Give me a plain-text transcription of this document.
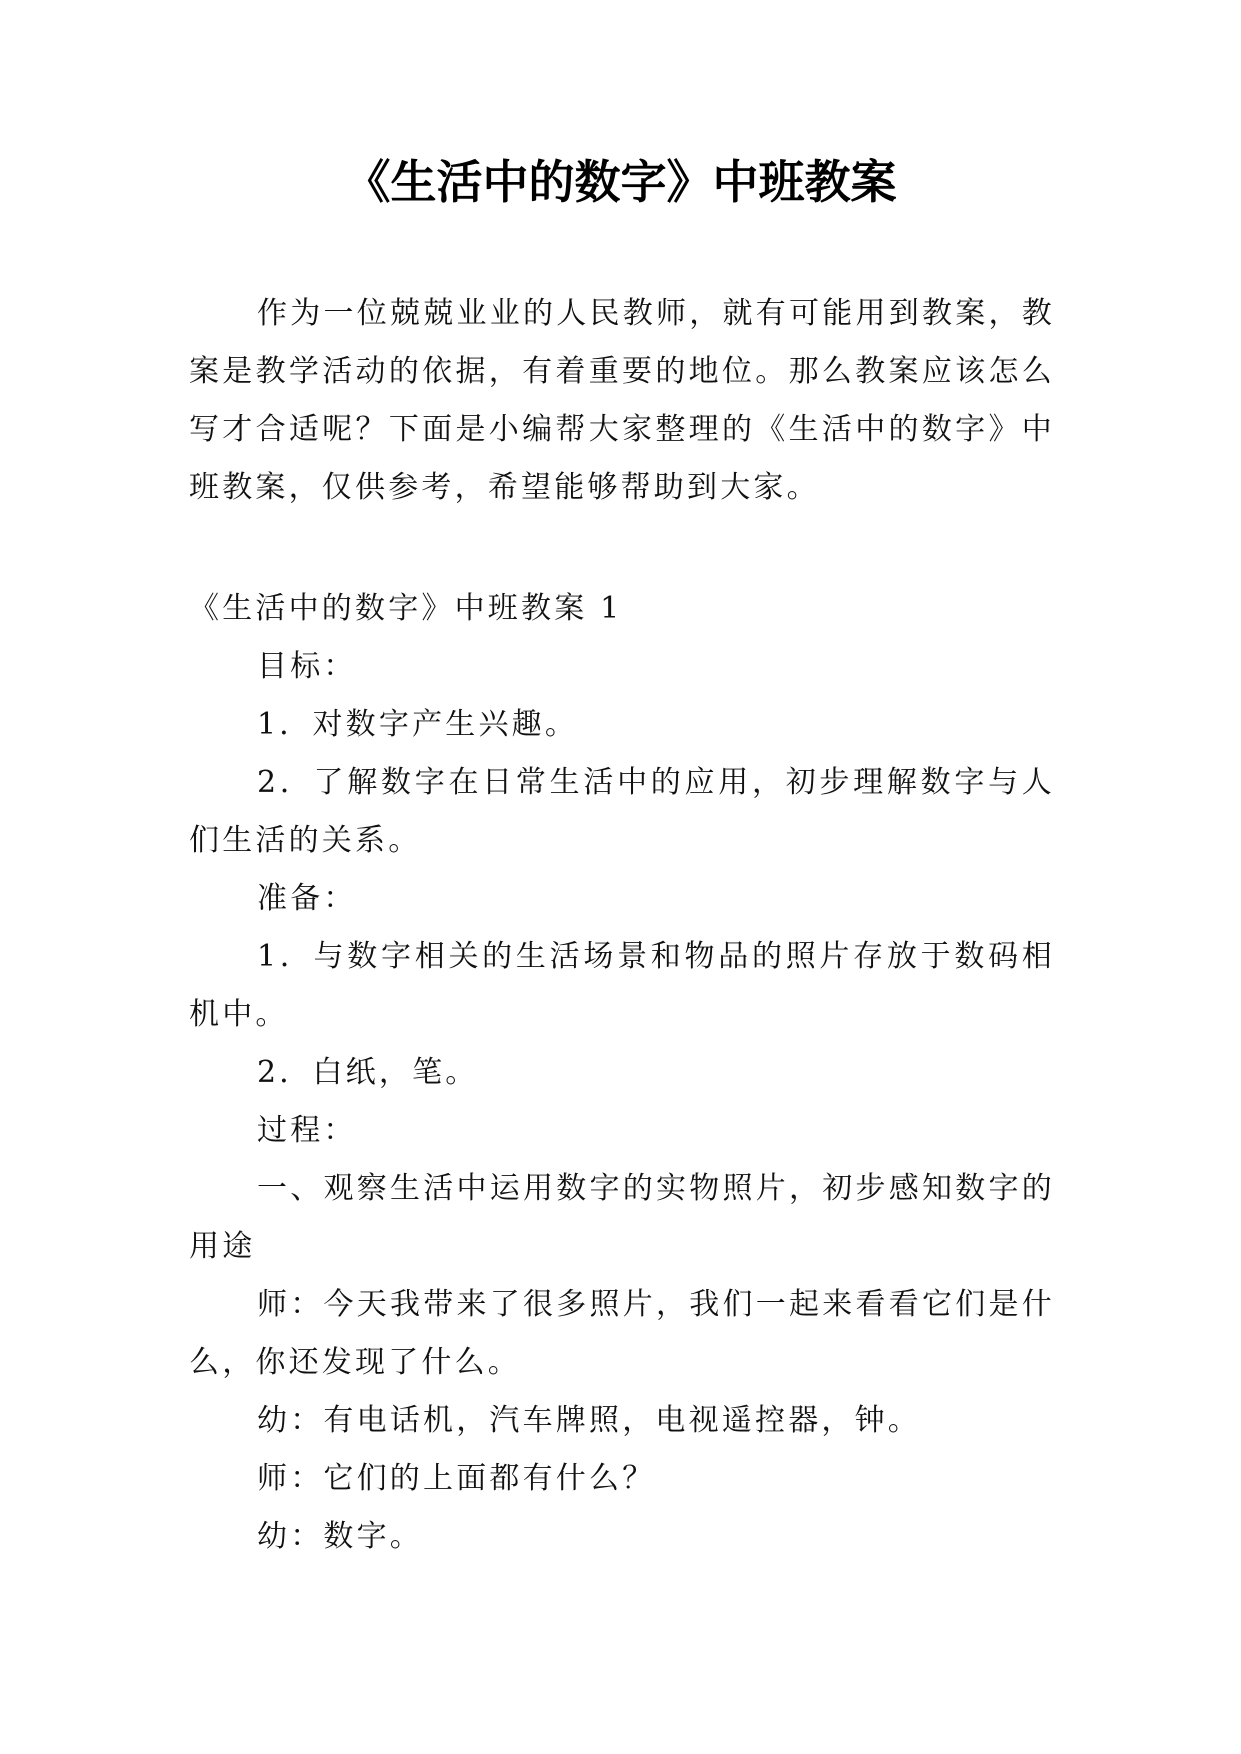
《生活中的数字》中班教案

作为一位兢兢业业的人民教师，就有可能用到教案，教案是教学活动的依据，有着重要的地位。那么教案应该怎么写才合适呢？下面是小编帮大家整理的《生活中的数字》中班教案，仅供参考，希望能够帮助到大家。

《生活中的数字》中班教案 1

目标：

1．对数字产生兴趣。

2．了解数字在日常生活中的应用，初步理解数字与人们生活的关系。

准备：

1．与数字相关的生活场景和物品的照片存放于数码相机中。

2．白纸，笔。

过程：

一、观察生活中运用数字的实物照片，初步感知数字的用途

师：今天我带来了很多照片，我们一起来看看它们是什么，你还发现了什么。

幼：有电话机，汽车牌照，电视遥控器，钟。

师：它们的上面都有什么？

幼：数字。
